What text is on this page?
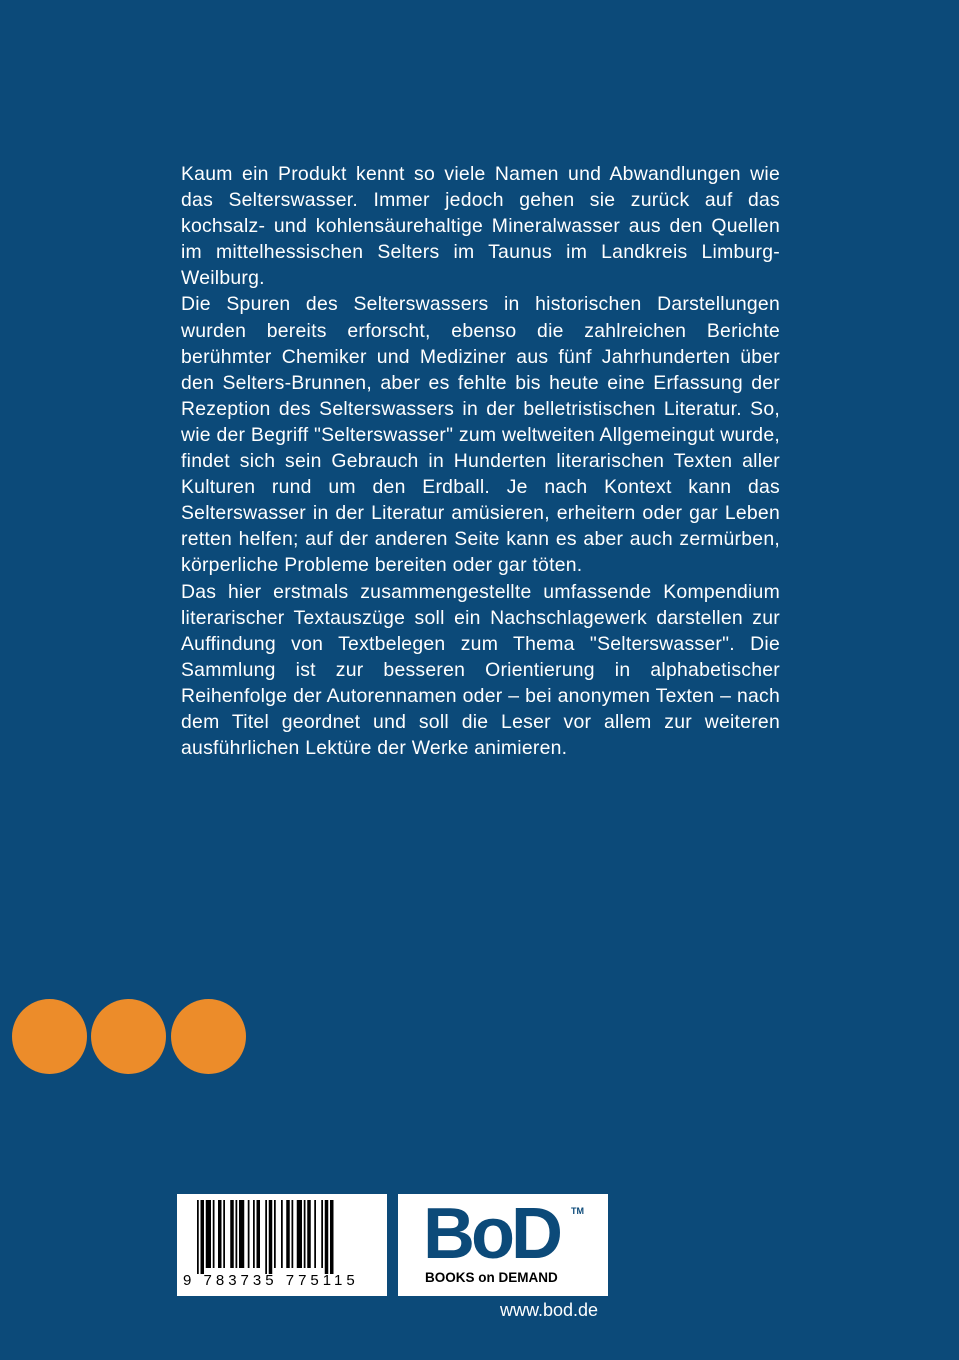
Kaum ein Produkt kennt so viele Namen und Abwandlungen wie das Selterswasser. Immer jedoch gehen sie zurück auf das kochsalz- und kohlensäurehaltige Mineralwasser aus den Quellen im mittelhessischen Selters im Taunus im Landkreis Limburg-Weilburg.

Die Spuren des Selterswassers in historischen Darstellungen wurden bereits erforscht, ebenso die zahlreichen Berichte berühmter Chemiker und Mediziner aus fünf Jahrhunderten über den Selters-Brunnen, aber es fehlte bis heute eine Erfassung der Rezeption des Selterswassers in der belletristischen Literatur. So, wie der Begriff "Selterswasser" zum weltweiten Allgemeingut wurde, findet sich sein Gebrauch in Hunderten literarischen Texten aller Kulturen rund um den Erdball. Je nach Kontext kann das Selterswasser in der Literatur amüsieren, erheitern oder gar Leben retten helfen; auf der anderen Seite kann es aber auch zermürben, körperliche Probleme bereiten oder gar töten.

Das hier erstmals zusammengestellte umfassende Kompendium literarischer Textauszüge soll ein Nachschlagewerk darstellen zur Auffindung von Textbelegen zum Thema "Selterswasser". Die Sammlung ist zur besseren Orientierung in alphabetischer Reihenfolge der Autorennamen oder – bei anonymen Texten – nach dem Titel geordnet und soll die Leser vor allem zur weiteren ausführlichen Lektüre der Werke animieren.

9 783735 775115
BoD TM
BOOKS on DEMAND
www.bod.de
